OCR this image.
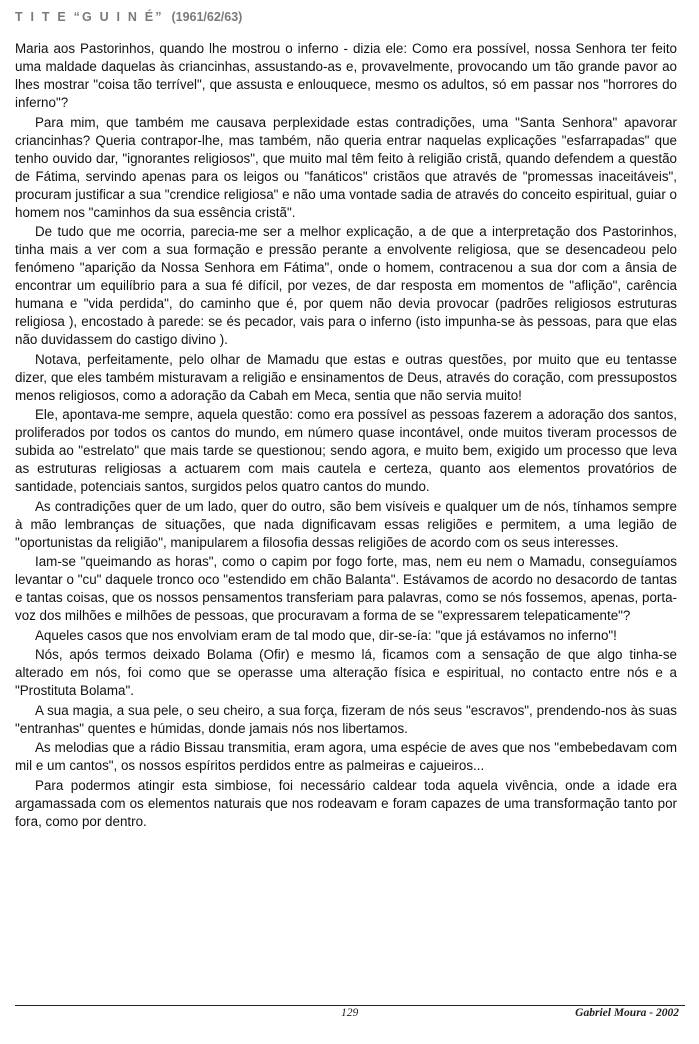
T I T E “G U I N É” (1961/62/63)

Maria aos Pastorinhos, quando lhe mostrou o inferno - dizia ele: Como era possível, nossa Senhora ter feito uma maldade daquelas às criancinhas, assustando-as e, provavelmente, provocando um tão grande pavor ao lhes mostrar "coisa tão terrível", que assusta e enlouquece, mesmo os adultos, só em passar nos "horrores do inferno"?

Para mim, que também me causava perplexidade estas contradições, uma "Santa Senhora" apavorar criancinhas? Queria contrapor-lhe, mas também, não queria entrar naquelas explicações "esfarrapadas" que tenho ouvido dar, "ignorantes religiosos", que muito mal têm feito à religião cristã, quando defendem a questão de Fátima, servindo apenas para os leigos ou "fanáticos" cristãos que através de "promessas inaceitáveis", procuram justificar a sua "crendice religiosa" e não uma vontade sadia de através do conceito espiritual, guiar o homem nos "caminhos da sua essência cristã".

De tudo que me ocorria, parecia-me ser a melhor explicação, a de que a interpretação dos Pastorinhos, tinha mais a ver com a sua formação e pressão perante a envolvente religiosa, que se desencadeou pelo fenómeno "aparição da Nossa Senhora em Fátima", onde o homem, contracenou a sua dor com a ânsia de encontrar um equilíbrio para a sua fé difícil, por vezes, de dar resposta em momentos de "aflição", carência humana e "vida perdida", do caminho que é, por quem não devia provocar (padrões religiosos estruturas religiosa ), encostado à parede: se és pecador, vais para o inferno (isto impunha-se às pessoas, para que elas não duvidassem do castigo divino ).

Notava, perfeitamente, pelo olhar de Mamadu que estas e outras questões, por muito que eu tentasse dizer, que eles também misturavam a religião e ensinamentos de Deus, através do coração, com pressupostos menos religiosos, como a adoração da Cabah em Meca, sentia que não servia muito!

Ele, apontava-me sempre, aquela questão: como era possível as pessoas fazerem a adoração dos santos, proliferados por todos os cantos do mundo, em número quase incontável, onde muitos tiveram processos de subida ao "estrelato" que mais tarde se questionou; sendo agora, e muito bem, exigido um processo que leva as estruturas religiosas a actuarem com mais cautela e certeza, quanto aos elementos provatórios de santidade, potenciais santos, surgidos pelos quatro cantos do mundo.

As contradições quer de um lado, quer do outro, são bem visíveis e qualquer um de nós, tínhamos sempre à mão lembranças de situações, que nada dignificavam essas religiões e permitem, a uma legião de "oportunistas da religião", manipularem a filosofia dessas religiões de acordo com os seus interesses.

Iam-se "queimando as horas", como o capim por fogo forte, mas, nem eu nem o Mamadu, conseguíamos levantar o "cu" daquele tronco oco "estendido em chão Balanta". Estávamos de acordo no desacordo de tantas e tantas coisas, que os nossos pensamentos transferiam para palavras, como se nós fossemos, apenas, porta-voz dos milhões e milhões de pessoas, que procuravam a forma de se "expressarem telepaticamente"?

Aqueles casos que nos envolviam eram de tal modo que, dir-se-ía: "que já estávamos no inferno"!

Nós, após termos deixado Bolama (Ofir) e mesmo lá, ficamos com a sensação de que algo tinha-se alterado em nós, foi como que se operasse uma alteração física e espiritual, no contacto entre nós e a "Prostituta Bolama".

A sua magia, a sua pele, o seu cheiro, a sua força, fizeram de nós seus "escravos", prendendo-nos às suas "entranhas" quentes e húmidas, donde jamais nós nos libertamos.

As melodias que a rádio Bissau transmitia, eram agora, uma espécie de aves que nos "embebedavam com mil e um cantos", os nossos espíritos perdidos entre as palmeiras e cajueiros...

Para podermos atingir esta simbiose, foi necessário caldear toda aquela vivência, onde a idade era argamassada com os elementos naturais que nos rodeavam e foram capazes de uma transformação tanto por fora, como por dentro.

129	Gabriel Moura - 2002
